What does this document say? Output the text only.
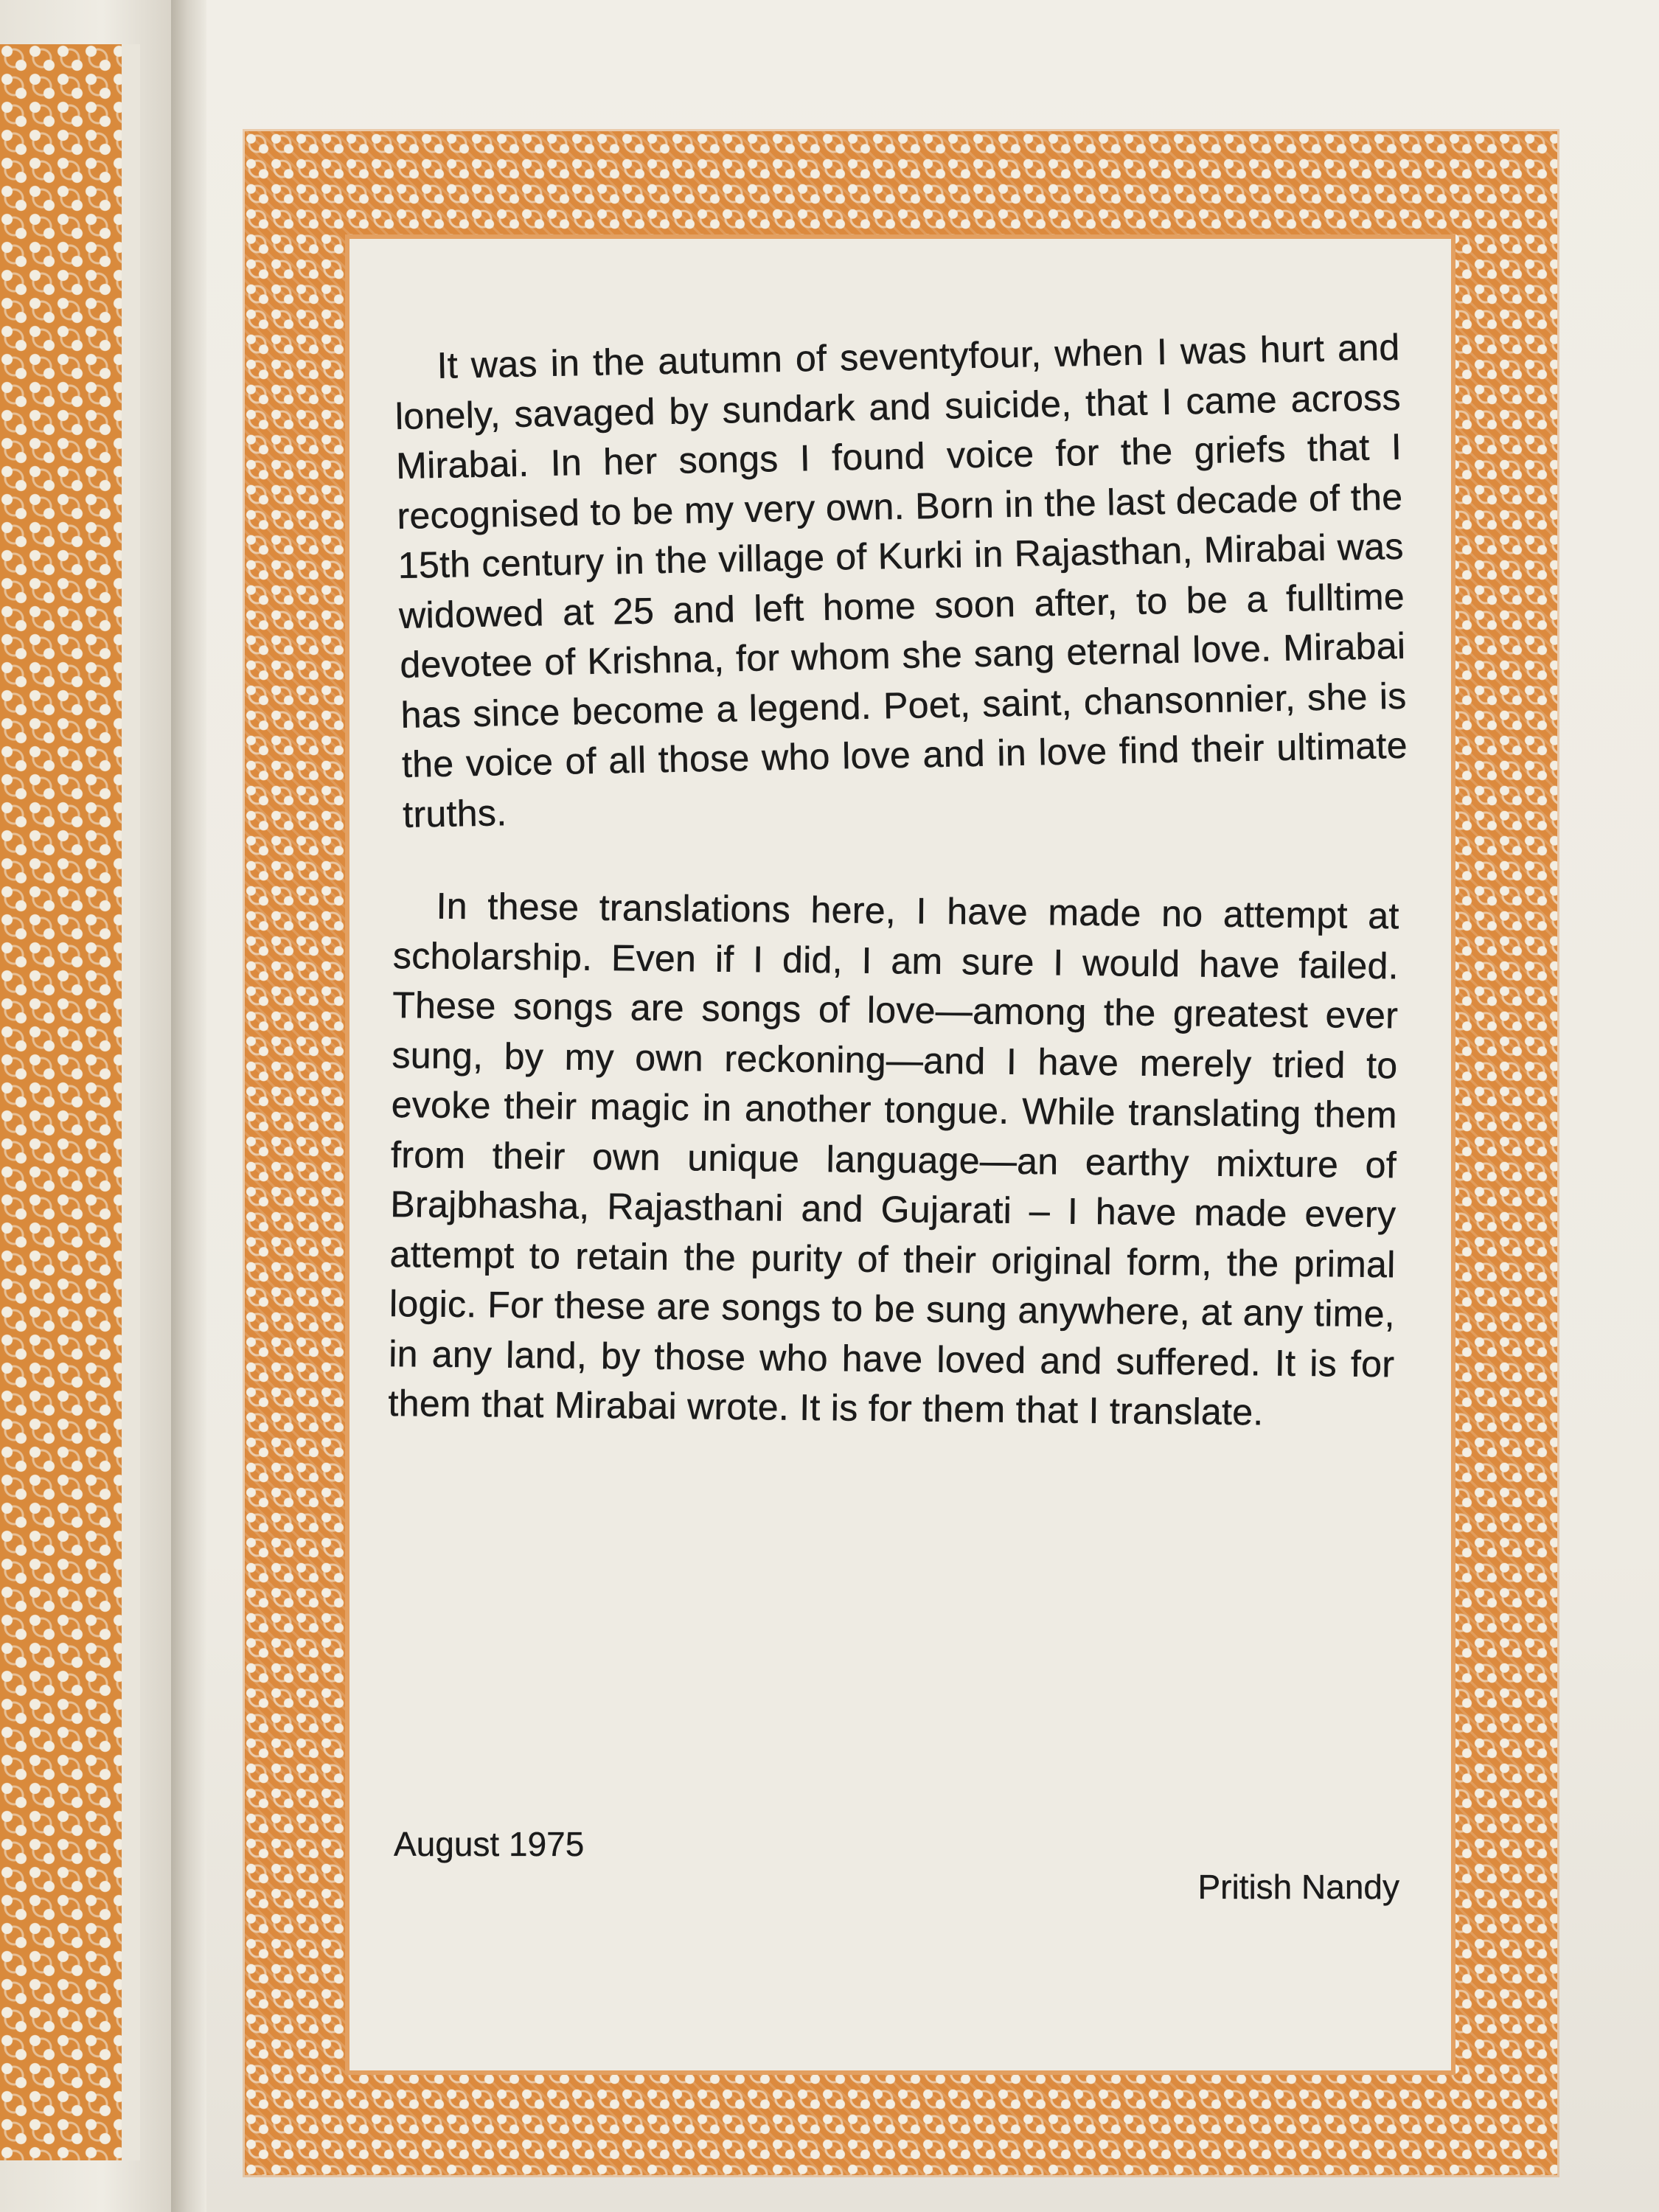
It was in the autumn of seventyfour, when I was hurt and lonely, savaged by sundark and suicide, that I came across Mirabai. In her songs I found voice for the griefs that I recognised to be my very own. Born in the last decade of the 15th century in the village of Kurki in Rajasthan, Mirabai was widowed at 25 and left home soon after, to be a fulltime devotee of Krishna, for whom she sang eternal love. Mirabai has since become a legend. Poet, saint, chansonnier, she is the voice of all those who love and in love find their ultimate truths.

In these translations here, I have made no attempt at scholarship. Even if I did, I am sure I would have failed. These songs are songs of love—among the greatest ever sung, by my own reckoning—and I have merely tried to evoke their magic in another tongue. While translating them from their own unique language—an earthy mixture of Brajbhasha, Rajasthani and Gujarati – I have made every attempt to retain the purity of their original form, the primal logic. For these are songs to be sung anywhere, at any time, in any land, by those who have loved and suffered. It is for them that Mirabai wrote. It is for them that I translate.

August 1975
Pritish Nandy
